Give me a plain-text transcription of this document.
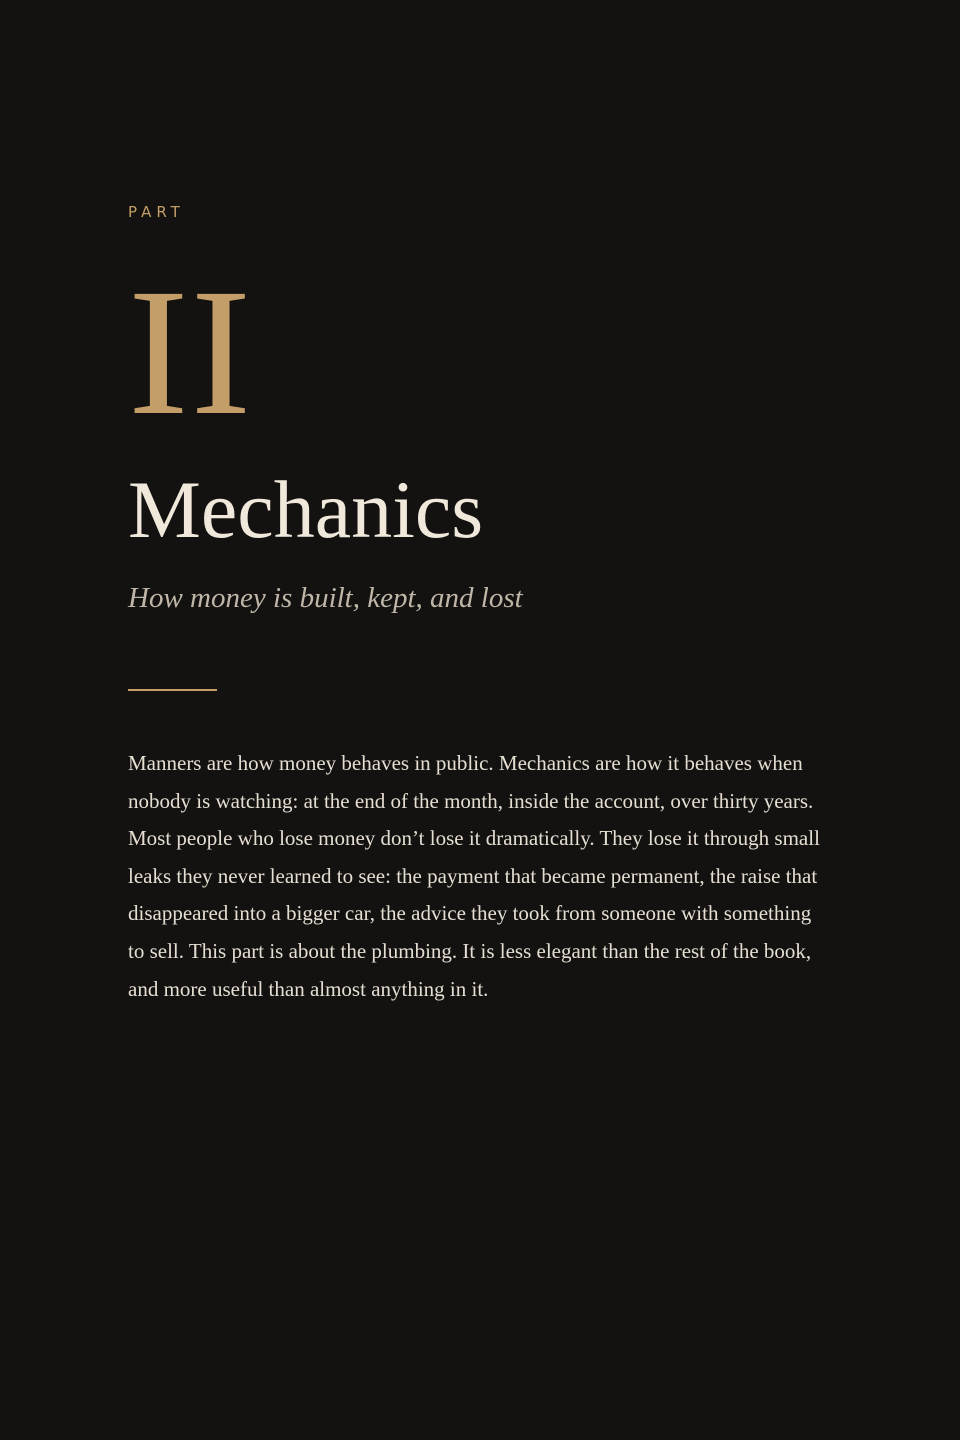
PART
II
Mechanics
How money is built, kept, and lost

Manners are how money behaves in public. Mechanics are how it behaves when nobody is watching: at the end of the month, inside the account, over thirty years. Most people who lose money don’t lose it dramatically. They lose it through small leaks they never learned to see: the payment that became permanent, the raise that disappeared into a bigger car, the advice they took from someone with something to sell. This part is about the plumbing. It is less elegant than the rest of the book, and more useful than almost anything in it.
